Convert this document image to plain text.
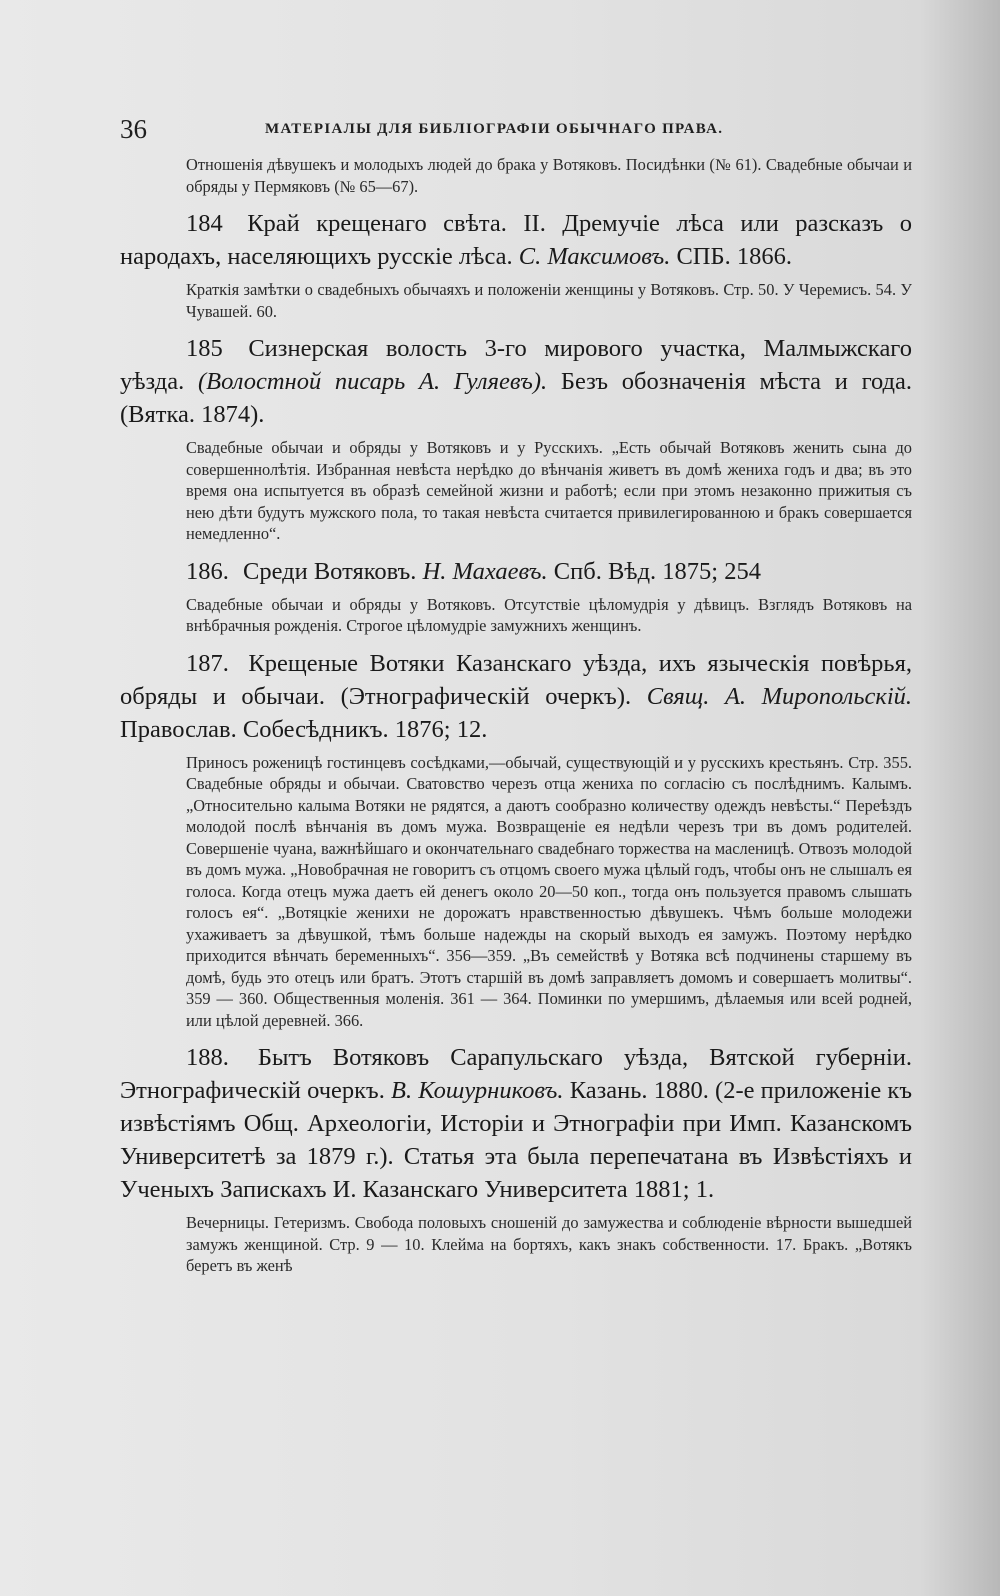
36	МАТЕРІАЛЫ ДЛЯ БИБЛІОГРАФІИ ОБЫЧНАГО ПРАВА.

Отношенія дѣвушекъ и молодыхъ людей до брака у Вотяковъ. Посидѣнки (№ 61). Свадебные обычаи и обряды у Пермяковъ (№ 65—67).

184 Край крещенаго свѣта. II. Дремучіе лѣса или разсказъ о народахъ, населяющихъ русскіе лѣса. С. Максимовъ. СПБ. 1866.

Краткія замѣтки о свадебныхъ обычаяхъ и положеніи женщины у Вотяковъ. Стр. 50. У Черемисъ. 54. У Чувашей. 60.

185 Сизнерская волость 3-го мирового участка, Малмыжскаго уѣзда. (Волостной писарь А. Гуляевъ). Безъ обозначенія мѣста и года. (Вятка. 1874).

Свадебные обычаи и обряды у Вотяковъ и у Русскихъ. „Есть обычай Вотяковъ женить сына до совершеннолѣтія. Избранная невѣста нерѣдко до вѣнчанія живетъ въ домѣ жениха годъ и два; въ это время она испытуется въ образѣ семейной жизни и работѣ; если при этомъ незаконно прижитыя съ нею дѣти будутъ мужского пола, то такая невѣста считается привилегированною и бракъ совершается немедленно“.

186. Среди Вотяковъ. Н. Махаевъ. Спб. Вѣд. 1875; 254

Свадебные обычаи и обряды у Вотяковъ. Отсутствіе цѣломудрія у дѣвицъ. Взглядъ Вотяковъ на внѣбрачныя рожденія. Строгое цѣломудріе замужнихъ женщинъ.

187. Крещеные Вотяки Казанскаго уѣзда, ихъ языческія повѣрья, обряды и обычаи. (Этнографическій очеркъ). Свящ. А. Миропольскій. Православ. Собесѣдникъ. 1876; 12.

Приносъ роженицѣ гостинцевъ сосѣдками,—обычай, существующій и у русскихъ крестьянъ. Стр. 355. Свадебные обряды и обычаи. Сватовство черезъ отца жениха по согласію съ послѣднимъ. Калымъ. „Относительно калыма Вотяки не рядятся, а даютъ сообразно количеству одеждъ невѣсты.“ Переѣздъ молодой послѣ вѣнчанія въ домъ мужа. Возвращеніе ея недѣли черезъ три въ домъ родителей. Совершеніе чуана, важнѣйшаго и окончательнаго свадебнаго торжества на масленицѣ. Отвозъ молодой въ домъ мужа. „Новобрачная не говоритъ съ отцомъ своего мужа цѣлый годъ, чтобы онъ не слышалъ ея голоса. Когда отецъ мужа даетъ ей денегъ около 20—50 коп., тогда онъ пользуется правомъ слышать голосъ ея“. „Вотяцкіе женихи не дорожатъ нравственностью дѣвушекъ. Чѣмъ больше молодежи ухаживаетъ за дѣвушкой, тѣмъ больше надежды на скорый выходъ ея замужъ. Поэтому нерѣдко приходится вѣнчать беременныхъ“. 356—359. „Въ семействѣ у Вотяка всѣ подчинены старшему въ домѣ, будь это отецъ или братъ. Этотъ старшій въ домѣ заправляетъ домомъ и совершаетъ молитвы“. 359 — 360. Общественныя моленія. 361 — 364. Поминки по умершимъ, дѣлаемыя или всей родней, или цѣлой деревней. 366.

188. Бытъ Вотяковъ Сарапульскаго уѣзда, Вятской губерніи. Этнографическій очеркъ. В. Кошурниковъ. Казань. 1880. (2-е приложеніе къ извѣстіямъ Общ. Археологіи, Исторіи и Этнографіи при Имп. Казанскомъ Университетѣ за 1879 г.). Статья эта была перепечатана въ Извѣстіяхъ и Ученыхъ Запискахъ И. Казанскаго Университета 1881; 1.

Вечерницы. Гетеризмъ. Свобода половыхъ сношеній до замужества и соблюденіе вѣрности вышедшей замужъ женщиной. Стр. 9 — 10. Клейма на бортяхъ, какъ знакъ собственности. 17. Бракъ. „Вотякъ беретъ въ женѣ
